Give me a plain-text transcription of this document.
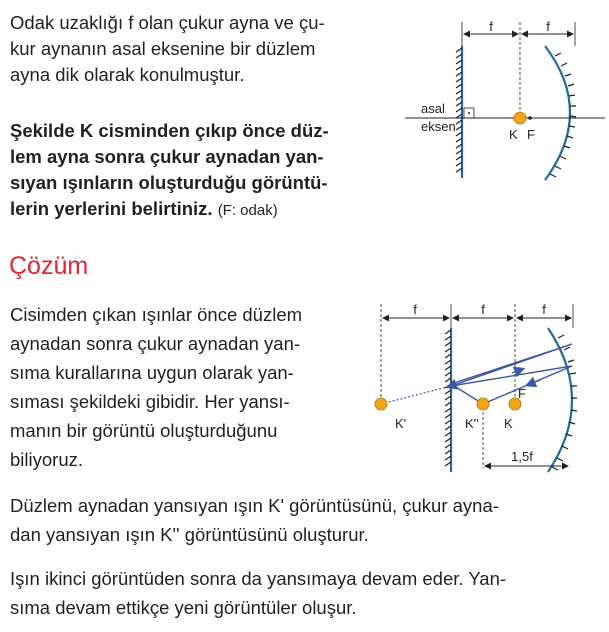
Odak uzaklığı f olan çukur ayna ve çu-

kur aynanın asal eksenine bir düzlem

ayna dik olarak konulmuştur.

Şekilde K cisminden çıkıp önce düz-

lem ayna sonra çukur aynadan yan-

sıyan ışınların oluşturduğu görüntü-

lerin yerlerini belirtiniz. (F: odak)

f	f
asal
eksen
K F
Çözüm

Cisimden çıkan ışınlar önce düzlem

aynadan sonra çukur aynadan yan-

sıma kurallarına uygun olarak yan-

sıması şekildeki gibidir. Her yansı-

manın bir görüntü oluşturduğunu

biliyoruz.

f	f	f
K'	K'' K
F
1,5f

Düzlem aynadan yansıyan ışın K' görüntüsünü, çukur ayna-

dan yansıyan ışın K'' görüntüsünü oluşturur.

Işın ikinci görüntüden sonra da yansımaya devam eder. Yan-

sıma devam ettikçe yeni görüntüler oluşur.
